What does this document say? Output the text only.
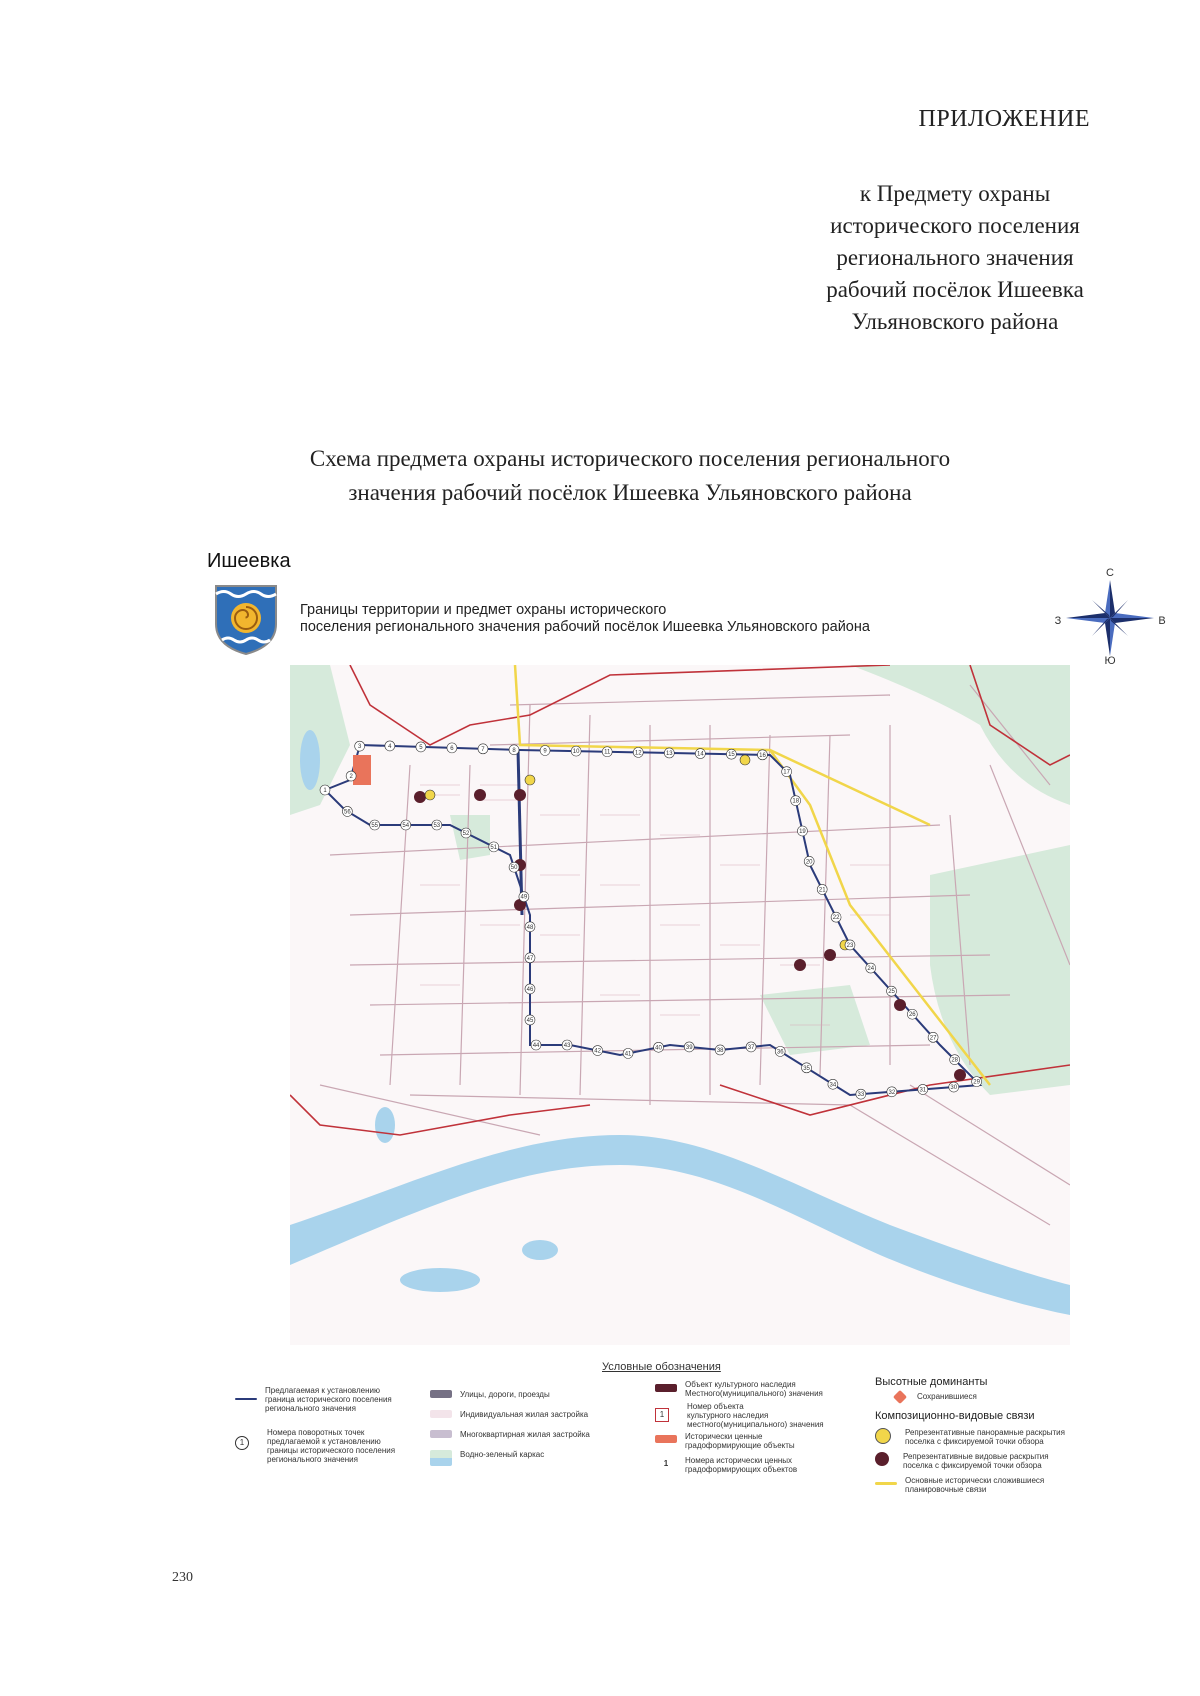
ПРИЛОЖЕНИЕ
к Предмету охраны
исторического поселения
регионального значения
рабочий посёлок Ишеевка
Ульяновского района
Схема предмета охраны исторического поселения регионального
значения рабочий посёлок Ишеевка Ульяновского района
Ишеевка
Границы территории и предмет охраны исторического
поселения регионального значения рабочий посёлок Ишеевка Ульяновского района
С
Ю
З	В
1
2
3	4	5	6	7	8	9	10	11	12	13	14	15	16
17
18
19
20
21
22
23
24
25
26
27
28
29
30
31
32
33
34
35
36
37
38
39
40
41
42
43
44
45
46
47
48
49
50
51
52
53
54
55
56
Условные обозначения
Предлагаемая к установлению
граница исторического поселения
регионального значения
1
Номера поворотных точек
предлагаемой к установлению
границы исторического поселения
регионального значения
Улицы, дороги, проезды
Индивидуальная жилая застройка
Многоквартирная жилая застройка
Водно-зеленый каркас
Объект культурного наследия
Местного(муниципального) значения
1
Номер объекта
культурного наследия
местного(муниципального) значения
Исторически ценные
градоформирующие объекты
1	Номера исторически ценных
градоформирующих объектов
Высотные доминанты
Сохранившиеся
Композиционно-видовые связи
Репрезентативные панорамные раскрытия
поселка с фиксируемой точки обзора
Репрезентативные видовые раскрытия
поселка с фиксируемой точки обзора
Основные исторически сложившиеся
планировочные связи
230
